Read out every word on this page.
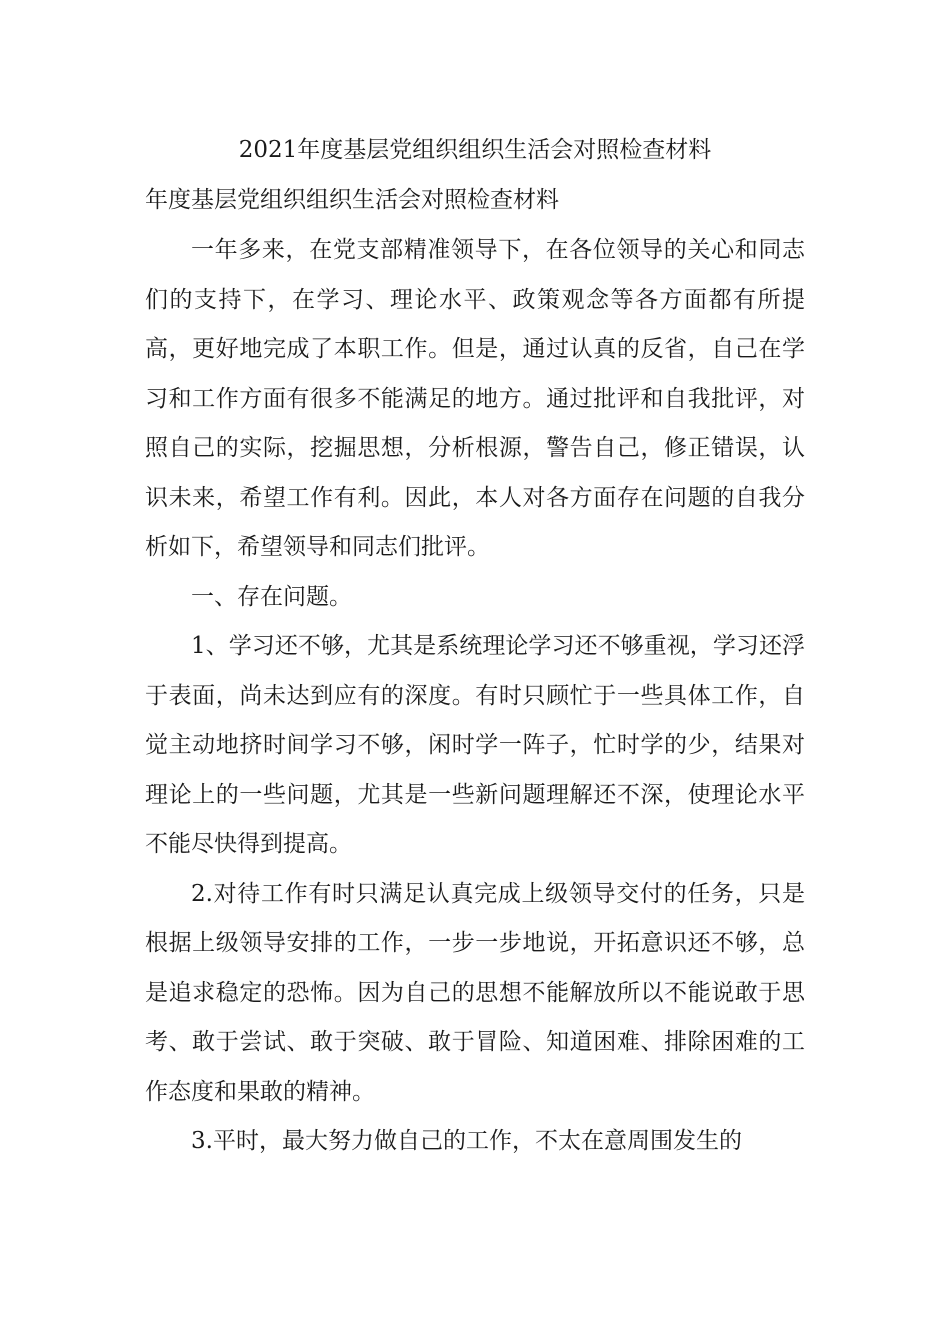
2021年度基层党组织组织生活会对照检查材料
年度基层党组织组织生活会对照检查材料

一年多来，在党支部精准领导下，在各位领导的关心和同志们的支持下，在学习、理论水平、政策观念等各方面都有所提高，更好地完成了本职工作。但是，通过认真的反省，自己在学习和工作方面有很多不能满足的地方。通过批评和自我批评，对照自己的实际，挖掘思想，分析根源，警告自己，修正错误，认识未来，希望工作有利。因此，本人对各方面存在问题的自我分析如下，希望领导和同志们批评。

一、存在问题。

1、学习还不够，尤其是系统理论学习还不够重视，学习还浮于表面，尚未达到应有的深度。有时只顾忙于一些具体工作，自觉主动地挤时间学习不够，闲时学一阵子，忙时学的少，结果对理论上的一些问题，尤其是一些新问题理解还不深，使理论水平不能尽快得到提高。

2.对待工作有时只满足认真完成上级领导交付的任务，只是根据上级领导安排的工作，一步一步地说，开拓意识还不够，总是追求稳定的恐怖。因为自己的思想不能解放所以不能说敢于思考、敢于尝试、敢于突破、敢于冒险、知道困难、排除困难的工作态度和果敢的精神。

3.平时，最大努力做自己的工作，不太在意周围发生的
